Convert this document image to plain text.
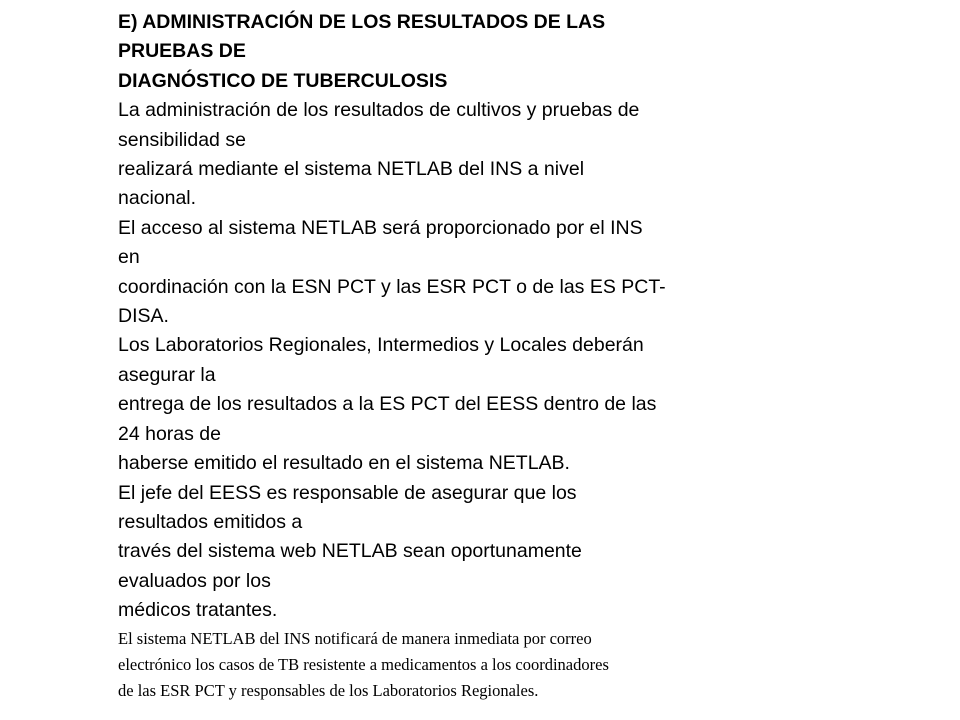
E) ADMINISTRACIÓN DE LOS RESULTADOS DE LAS

PRUEBAS DE

DIAGNÓSTICO DE TUBERCULOSIS

La administración de los resultados de cultivos y pruebas de

sensibilidad se

realizará mediante el sistema NETLAB del INS a nivel

nacional.

El acceso al sistema NETLAB será proporcionado por el INS

en

coordinación con la ESN PCT y las ESR PCT o de las ES PCT-

DISA.

Los Laboratorios Regionales, Intermedios y Locales deberán

asegurar la

entrega de los resultados a la ES PCT del EESS dentro de las

24 horas de

haberse emitido el resultado en el sistema NETLAB.

El jefe del EESS es responsable de asegurar que los

resultados emitidos a

través del sistema web NETLAB sean oportunamente

evaluados por los

médicos tratantes.

El sistema NETLAB del INS notificará de manera inmediata por correo

electrónico los casos de TB resistente a medicamentos a los coordinadores

de las ESR PCT y responsables de los Laboratorios Regionales.
